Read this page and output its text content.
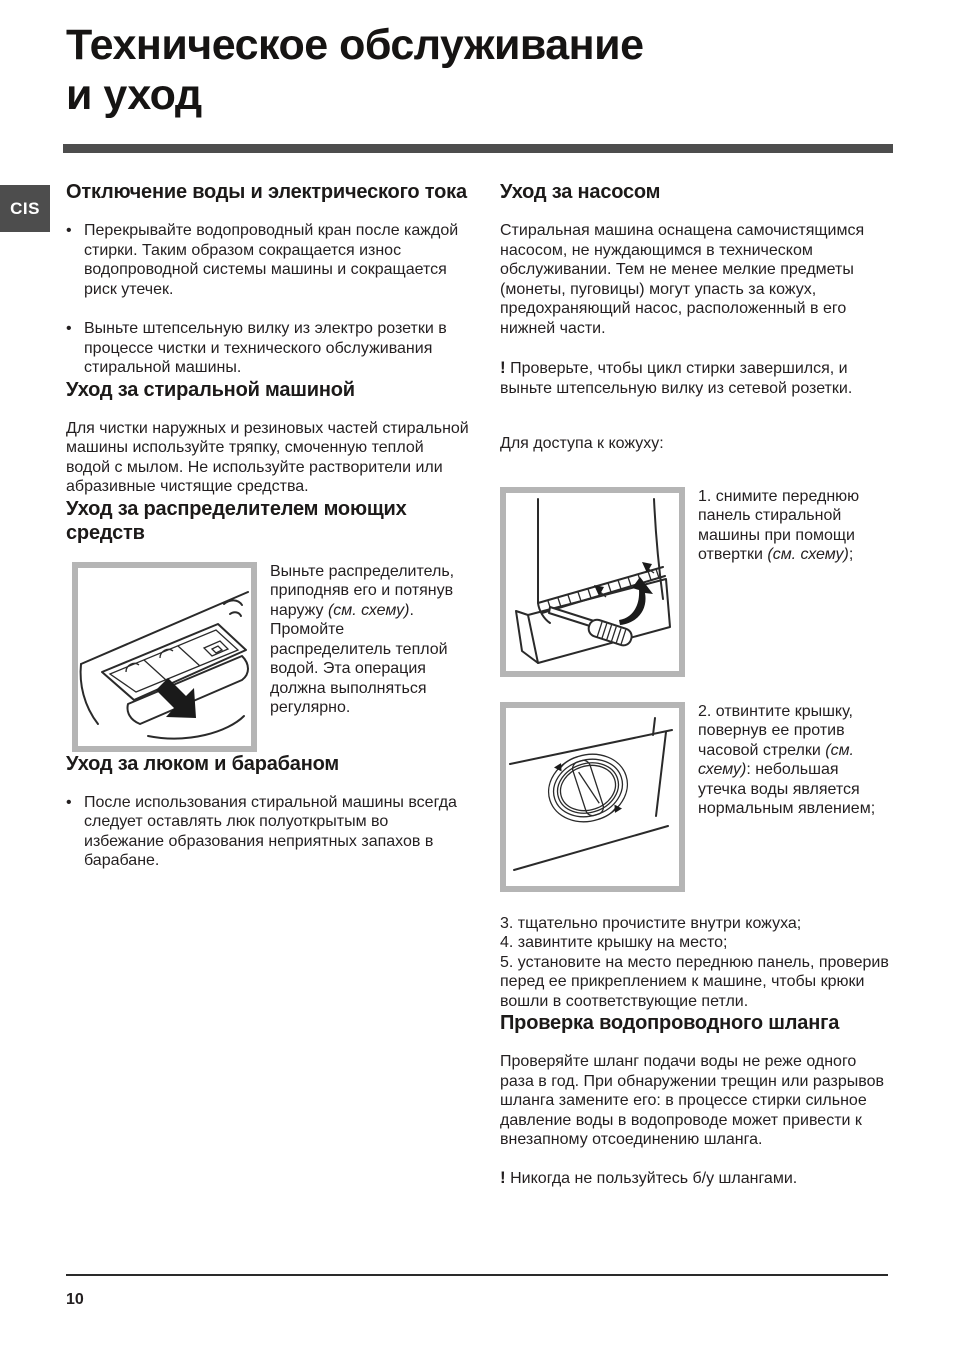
Техническое обслуживание
и уход
CIS
Отключение воды и электрического тока
• Перекрывайте водопроводный кран после каждой стирки. Таким образом сокращается износ водопроводной системы машины и сокращается риск утечек.
• Выньте штепсельную вилку из электро розетки в процессе чистки и технического обслуживания стиральной машины.
Уход за стиральной машиной

Для чистки наружных и резиновых частей стиральной машины используйте тряпку, смоченную теплой водой с мылом. Не используйте растворители или абразивные чистящие средства.

Уход за распределителем моющих средств
Выньте распределитель, приподняв его и потянув наружу (см. схему). Промойте распределитель теплой водой. Эта операция должна выполняться регулярно.
Уход за люком и барабаном
• После использования стиральной машины всегда следует оставлять люк полуоткрытым во избежание образования неприятных запахов в барабане.
Уход за насосом

Стиральная машина оснащена самочистящимся насосом, не нуждающимся в техническом обслуживании. Тем не менее мелкие предметы (монеты, пуговицы) могут упасть за кожух, предохраняющий насос, расположенный в его нижней части.

! Проверьте, чтобы цикл стирки завершился, и выньте штепсельную вилку из сетевой розетки.

Для доступа к кожуху:

1. снимите переднюю панель стиральной машины при помощи отвертки (см. схему);
2. отвинтите крышку, повернув ее против часовой стрелки (см. схему): небольшая утечка воды является нормальным явлением;
3. тщательно прочистите внутри кожуха;
4. завинтите крышку на место;
5. установите на место переднюю панель, проверив перед ее прикреплением к машине, чтобы крюки вошли в соответствующие петли.
Проверка водопроводного шланга

Проверяйте шланг подачи воды не реже одного раза в год. При обнаружении трещин или разрывов шланга замените его: в процессе стирки сильное давление воды в водопроводе может привести к внезапному отсоединению шланга.

! Никогда не пользуйтесь б/у шлангами.

10
